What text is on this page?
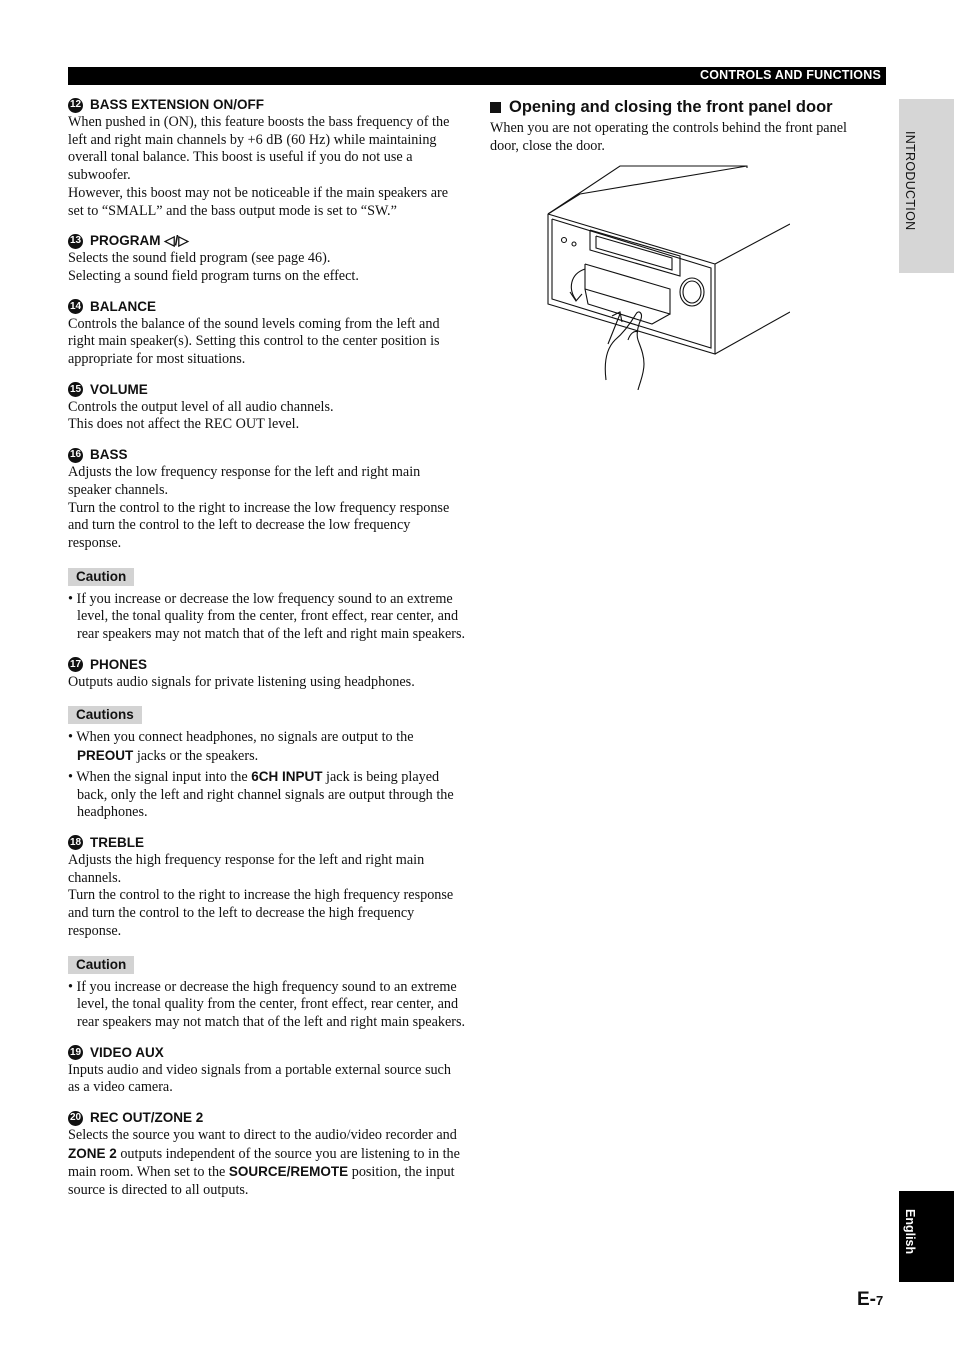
CONTROLS AND FUNCTIONS
INTRODUCTION
English
12 BASS EXTENSION ON/OFF

When pushed in (ON), this feature boosts the bass frequency of the left and right main channels by +6 dB (60 Hz) while maintaining overall tonal balance. This boost is useful if you do not use a subwoofer.

However, this boost may not be noticeable if the main speakers are set to “SMALL” and the bass output mode is set to “SW.”

13 PROGRAM ◁/▷

Selects the sound field program (see page 46).

Selecting a sound field program turns on the effect.

14 BALANCE

Controls the balance of the sound levels coming from the left and right main speaker(s). Setting this control to the center position is appropriate for most situations.

15 VOLUME

Controls the output level of all audio channels.

This does not affect the REC OUT level.

16 BASS

Adjusts the low frequency response for the left and right main speaker channels.

Turn the control to the right to increase the low frequency response and turn the control to the left to decrease the low frequency response.

Caution

• If you increase or decrease the low frequency sound to an extreme level, the tonal quality from the center, front effect, rear center, and rear speakers may not match that of the left and right main speakers.

17 PHONES

Outputs audio signals for private listening using headphones.

Cautions

• When you connect headphones, no signals are output to the PREOUT jacks or the speakers.

• When the signal input into the 6CH INPUT jack is being played back, only the left and right channel signals are output through the headphones.

18 TREBLE

Adjusts the high frequency response for the left and right main channels.

Turn the control to the right to increase the high frequency response and turn the control to the left to decrease the high frequency response.

Caution

• If you increase or decrease the high frequency sound to an extreme level, the tonal quality from the center, front effect, rear center, and rear speakers may not match that of the left and right main speakers.

19 VIDEO AUX

Inputs audio and video signals from a portable external source such as a video camera.

20 REC OUT/ZONE 2

Selects the source you want to direct to the audio/video recorder and ZONE 2 outputs independent of the source you are listening to in the main room. When set to the SOURCE/REMOTE position, the input source is directed to all outputs.

Opening and closing the front panel door

When you are not operating the controls behind the front panel door, close the door.

E-7
